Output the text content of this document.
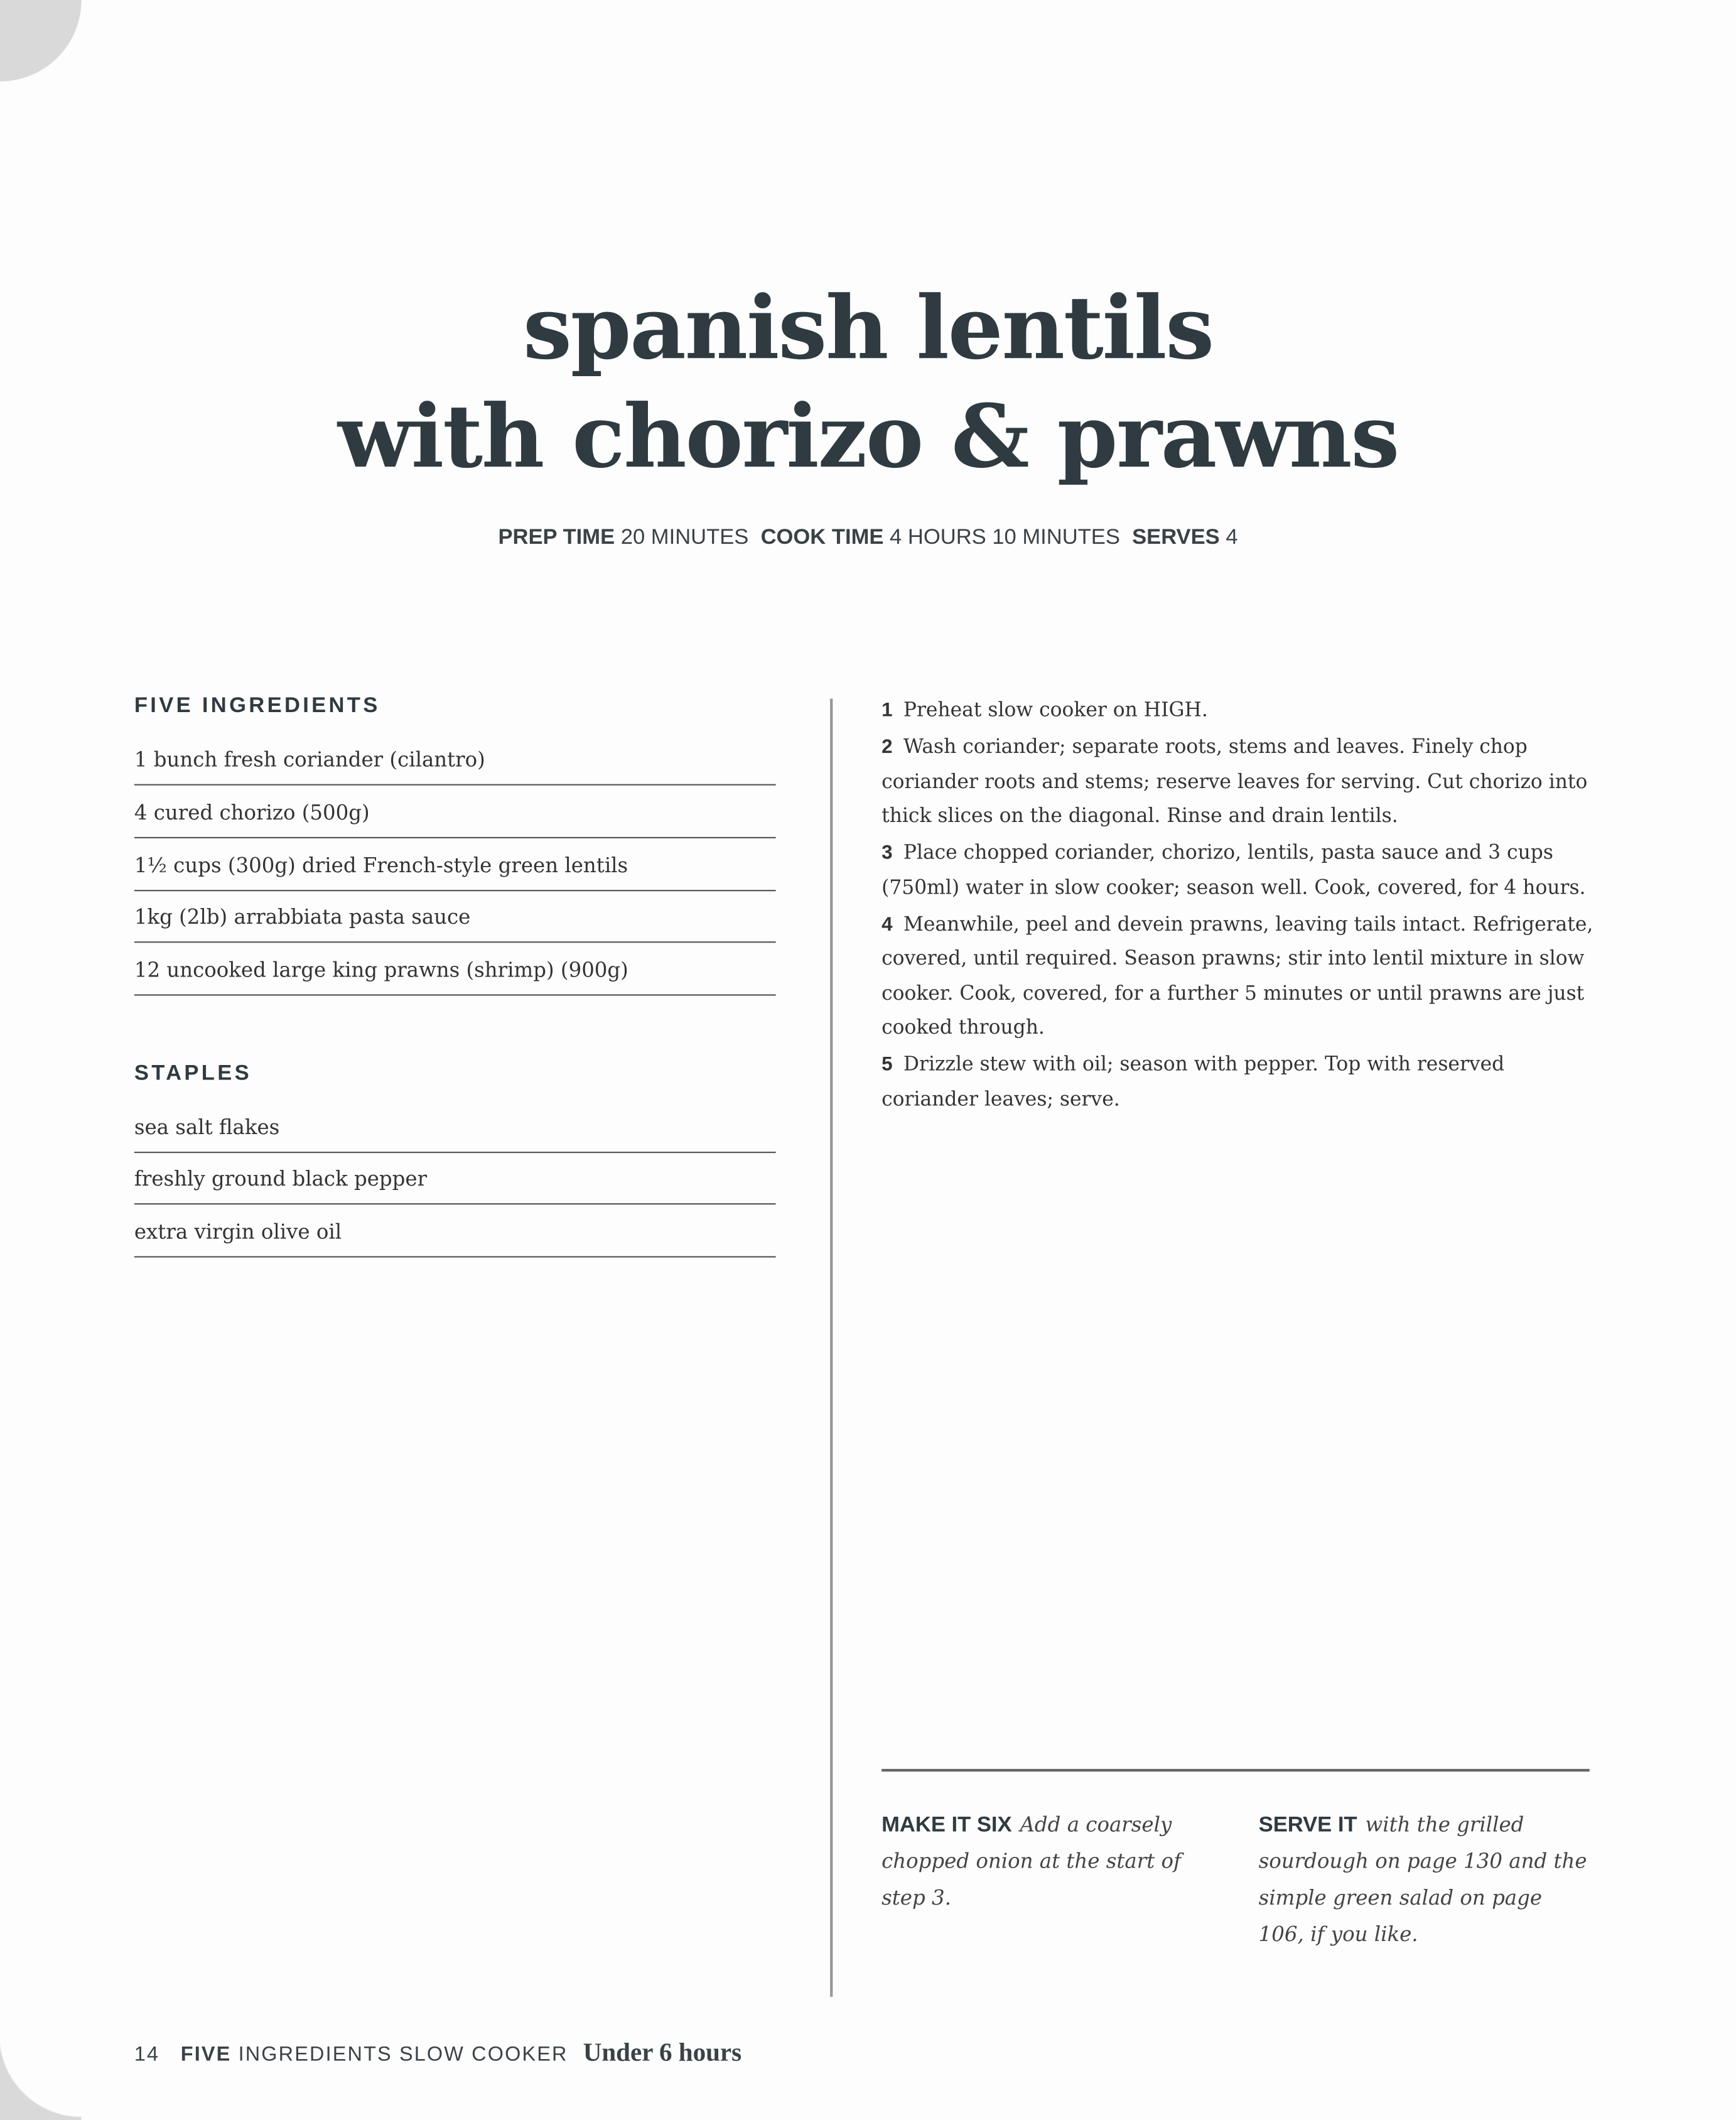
spanish lentils
with chorizo & prawns
PREP TIME 20 MINUTES COOK TIME 4 HOURS 10 MINUTES SERVES 4
FIVE INGREDIENTS
1 bunch fresh coriander (cilantro)
4 cured chorizo (500g)
1½ cups (300g) dried French-style green lentils
1kg (2lb) arrabbiata pasta sauce
12 uncooked large king prawns (shrimp) (900g)
STAPLES
sea salt flakes
freshly ground black pepper
extra virgin olive oil

1 Preheat slow cooker on HIGH.

2 Wash coriander; separate roots, stems and leaves. Finely chop coriander roots and stems; reserve leaves for serving. Cut chorizo into thick slices on the diagonal. Rinse and drain lentils.

3 Place chopped coriander, chorizo, lentils, pasta sauce and 3 cups (750ml) water in slow cooker; season well. Cook, covered, for 4 hours.

4 Meanwhile, peel and devein prawns, leaving tails intact. Refrigerate, covered, until required. Season prawns; stir into lentil mixture in slow cooker. Cook, covered, for a further 5 minutes or until prawns are just cooked through.

5 Drizzle stew with oil; season with pepper. Top with reserved coriander leaves; serve.

MAKE IT SIX Add a coarsely chopped onion at the start of step 3.
SERVE IT with the grilled sourdough on page 130 and the simple green salad on page 106, if you like.
14 FIVE INGREDIENTS SLOW COOKER Under 6 hours
